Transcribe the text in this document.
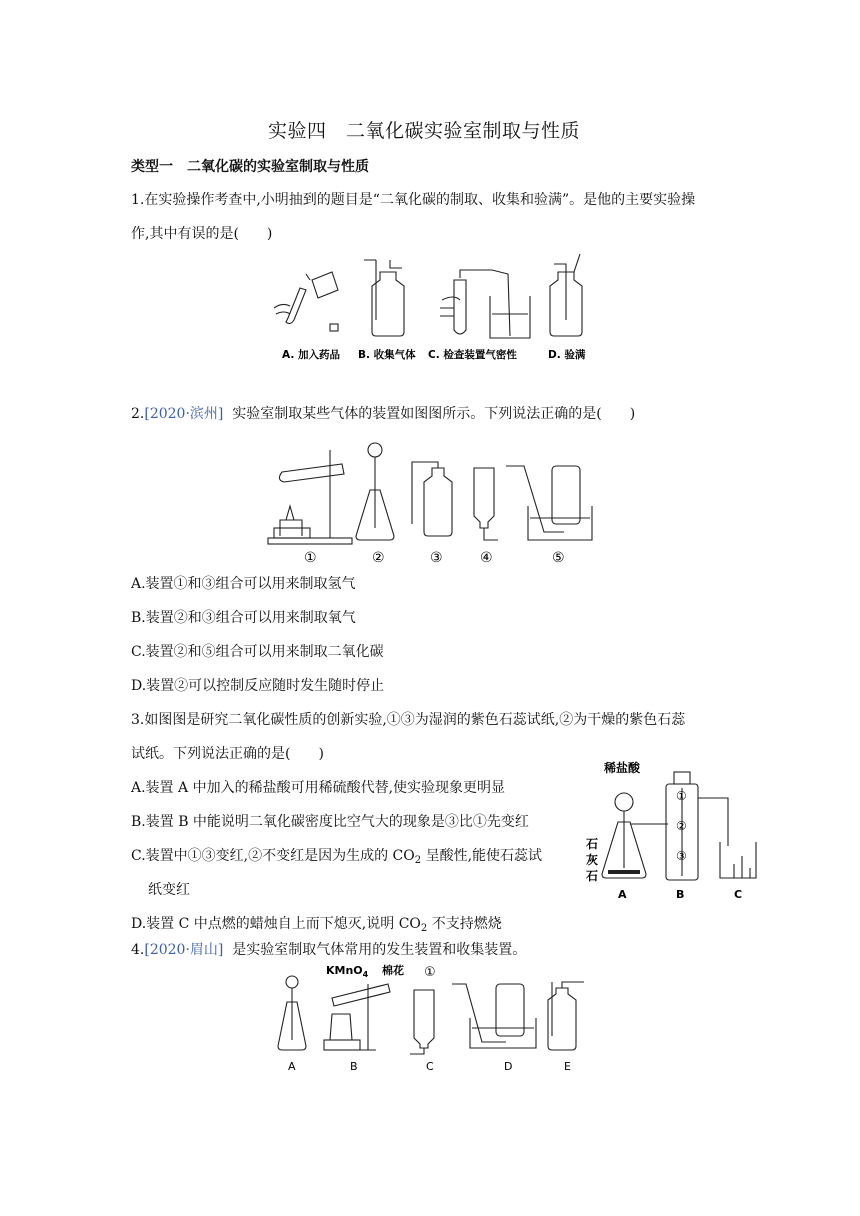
实验四　二氧化碳实验室制取与性质
类型一　二氧化碳的实验室制取与性质
1.在实验操作考查中,小明抽到的题目是“二氧化碳的制取、收集和验满”。是他的主要实验操
作,其中有误的是(　　)
A. 加入药品 B. 收集气体 C. 检查装置气密性	D. 验满
2.[2020·滨州]  实验室制取某些气体的装置如图图所示。下列说法正确的是(　　)
①	②	③	④	⑤
A.装置①和③组合可以用来制取氢气
B.装置②和③组合可以用来制取氧气
C.装置②和⑤组合可以用来制取二氧化碳
D.装置②可以控制反应随时发生随时停止
3.如图图是研究二氧化碳性质的创新实验,①③为湿润的紫色石蕊试纸,②为干燥的紫色石蕊
试纸。下列说法正确的是(　　)
A.装置 A 中加入的稀盐酸可用稀硫酸代替,使实验现象更明显
B.装置 B 中能说明二氧化碳密度比空气大的现象是③比①先变红
C.装置中①③变红,②不变红是因为生成的 $CO_2$ 呈酸性,能使石蕊试
纸变红
D.装置 C 中点燃的蜡烛自上而下熄灭,说明 $CO_2$ 不支持燃烧
稀盐酸
石
灰
石
①
②
③
A	B	C
4.[2020·眉山]  是实验室制取气体常用的发生装置和收集装置。
KMnO$_4$ 棉花 ①
A	B	C	D	E
